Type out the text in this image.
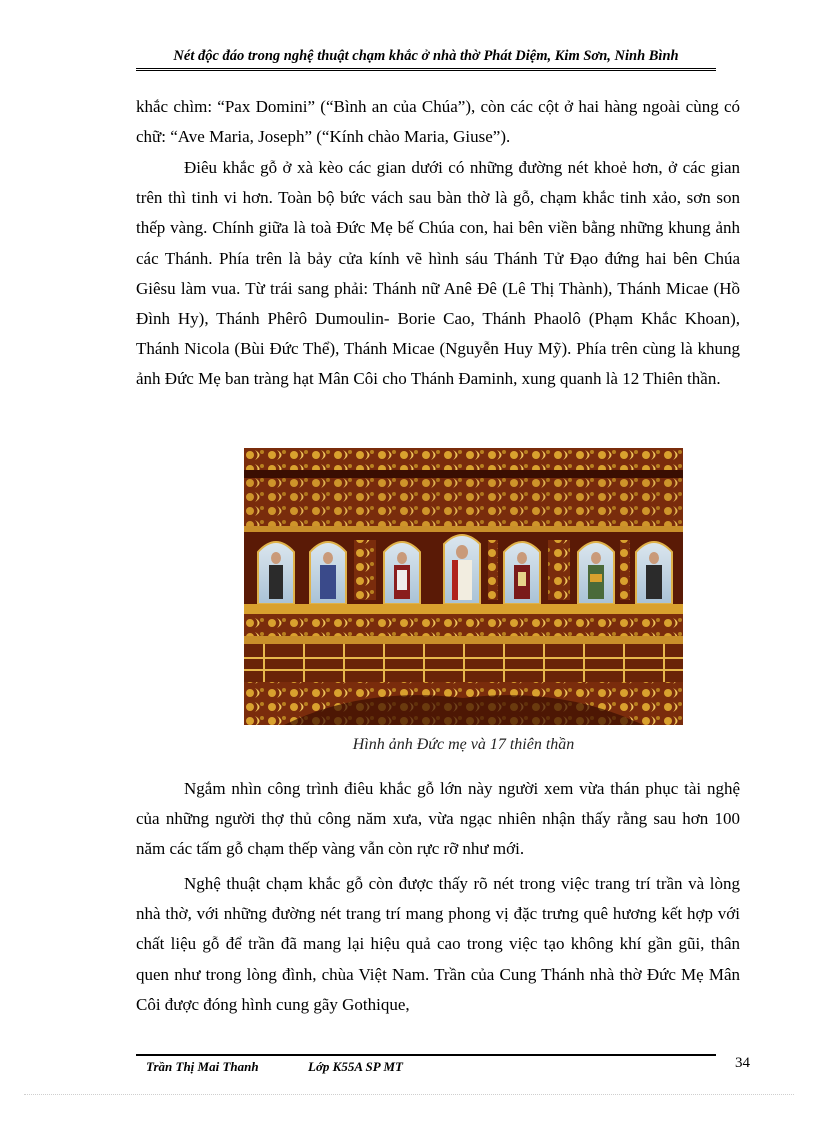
Nét độc đáo trong nghệ thuật chạm khắc ở nhà thờ Phát Diệm, Kim Sơn, Ninh Bình

khắc chìm: “Pax Domini” (“Bình an của Chúa”), còn các cột ở hai hàng ngoài cùng có chữ: “Ave Maria, Joseph” (“Kính chào Maria, Giuse”).

Điêu khắc gỗ ở xà kèo các gian dưới có những đường nét khoẻ hơn, ở các gian trên thì tinh vi hơn. Toàn bộ bức vách sau bàn thờ là gỗ, chạm khắc tinh xảo, sơn son thếp vàng. Chính giữa là toà Đức Mẹ bế Chúa con, hai bên viền bằng những khung ảnh các Thánh. Phía trên là bảy cửa kính vẽ hình sáu Thánh Tử Đạo đứng hai bên Chúa Giêsu làm vua. Từ trái sang phải: Thánh nữ Anê Đê (Lê Thị Thành), Thánh Micae (Hồ Đình Hy), Thánh Phêrô Dumoulin- Borie Cao, Thánh Phaolô (Phạm Khắc Khoan), Thánh Nicola (Bùi Đức Thể), Thánh Micae (Nguyễn Huy Mỹ). Phía trên cùng là khung ảnh Đức Mẹ ban tràng hạt Mân Côi cho Thánh Đaminh, xung quanh là 12 Thiên thần.

Hình ảnh Đức mẹ và 17 thiên thần

Ngắm nhìn công trình điêu khắc gỗ lớn này người xem vừa thán phục tài nghệ của những người thợ thủ công năm xưa, vừa ngạc nhiên nhận thấy rằng sau hơn 100 năm các tấm gỗ chạm thếp vàng vẫn còn rực rỡ như mới.

Nghệ thuật chạm khắc gỗ còn được thấy rõ nét trong việc trang trí trần và lòng nhà thờ, với những đường nét trang trí mang phong vị đặc trưng quê hương kết hợp với chất liệu gỗ để trần đã mang lại hiệu quả cao trong việc tạo không khí gần gũi, thân quen như trong lòng đình, chùa Việt Nam. Trần của Cung Thánh nhà thờ Đức Mẹ Mân Côi được đóng hình cung gãy Gothique,

Trần Thị Mai Thanh	Lớp K55A SP MT	34
